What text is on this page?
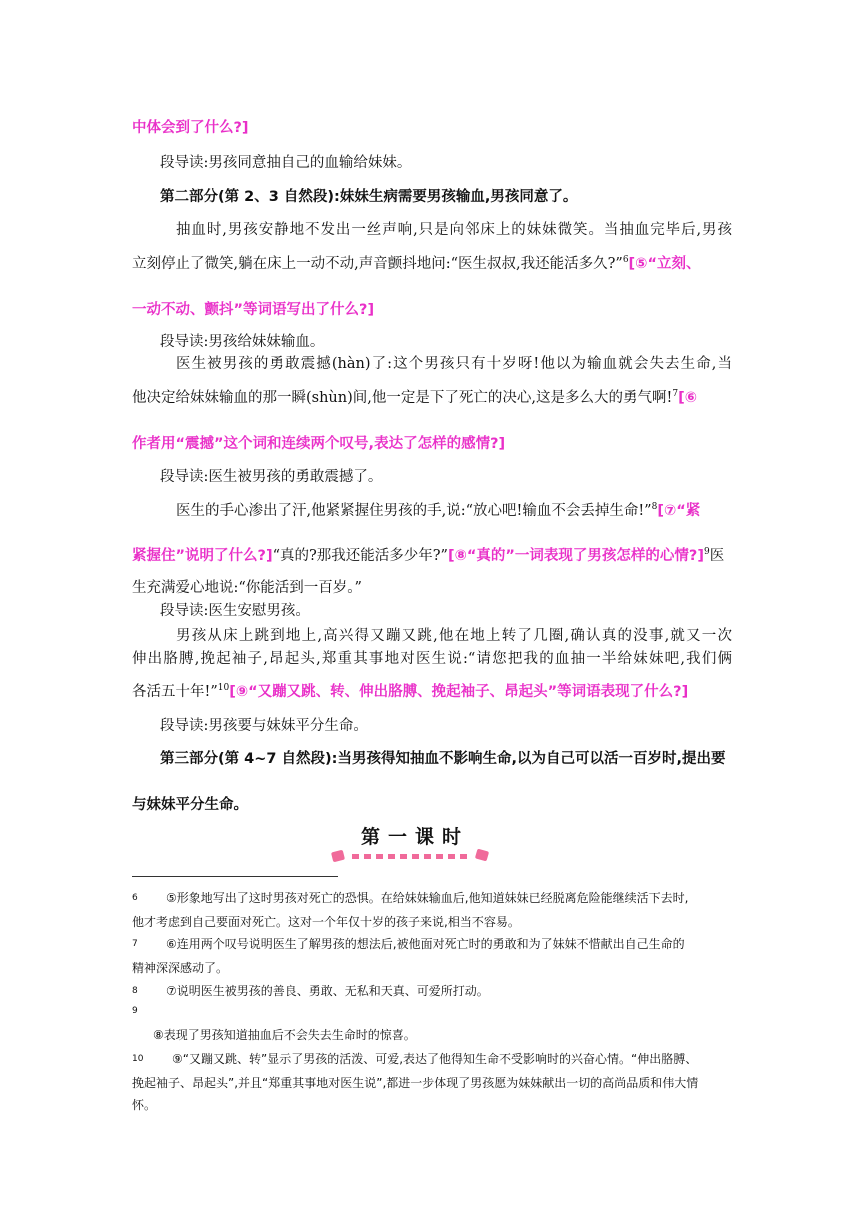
中体会到了什么?]
段导读:男孩同意抽自己的血输给妹妹。
第二部分(第 2、3 自然段):妹妹生病需要男孩输血,男孩同意了。
抽血时,男孩安静地不发出一丝声响,只是向邻床上的妹妹微笑。当抽血完毕后,男孩
立刻停止了微笑,躺在床上一动不动,声音颤抖地问:“医生叔叔,我还能活多久?”$^6$[⑤“立刻、
一动不动、颤抖”等词语写出了什么?]
段导读:男孩给妹妹输血。
医生被男孩的勇敢震撼(hàn)了:这个男孩只有十岁呀!他以为输血就会失去生命,当
他决定给妹妹输血的那一瞬(shùn)间,他一定是下了死亡的决心,这是多么大的勇气啊!$^7$[⑥
作者用“震撼”这个词和连续两个叹号,表达了怎样的感情?]
段导读:医生被男孩的勇敢震撼了。
医生的手心渗出了汗,他紧紧握住男孩的手,说:“放心吧!输血不会丢掉生命!”$^8$[⑦“紧
紧握住”说明了什么?]“真的?那我还能活多少年?”[⑧“真的”一词表现了男孩怎样的心情?]$^9$医
生充满爱心地说:“你能活到一百岁。”
段导读:医生安慰男孩。
男孩从床上跳到地上,高兴得又蹦又跳,他在地上转了几圈,确认真的没事,就又一次
伸出胳膊,挽起袖子,昂起头,郑重其事地对医生说:“请您把我的血抽一半给妹妹吧,我们俩
各活五十年!”$^{10}$[⑨“又蹦又跳、转、伸出胳膊、挽起袖子、昂起头”等词语表现了什么?]
段导读:男孩要与妹妹平分生命。
第三部分(第 4~7 自然段):当男孩得知抽血不影响生命,以为自己可以活一百岁时,提出要
与妹妹平分生命。
第一课时
6 ⑤形象地写出了这时男孩对死亡的恐惧。在给妹妹输血后,他知道妹妹已经脱离危险能继续活下去时,
他才考虑到自己要面对死亡。这对一个年仅十岁的孩子来说,相当不容易。
7 ⑥连用两个叹号说明医生了解男孩的想法后,被他面对死亡时的勇敢和为了妹妹不惜献出自己生命的
精神深深感动了。
8 ⑦说明医生被男孩的善良、勇敢、无私和天真、可爱所打动。
9
⑧表现了男孩知道抽血后不会失去生命时的惊喜。
10 ⑨“又蹦又跳、转”显示了男孩的活泼、可爱,表达了他得知生命不受影响时的兴奋心情。“伸出胳膊、
挽起袖子、昂起头”,并且“郑重其事地对医生说”,都进一步体现了男孩愿为妹妹献出一切的高尚品质和伟大情
怀。
